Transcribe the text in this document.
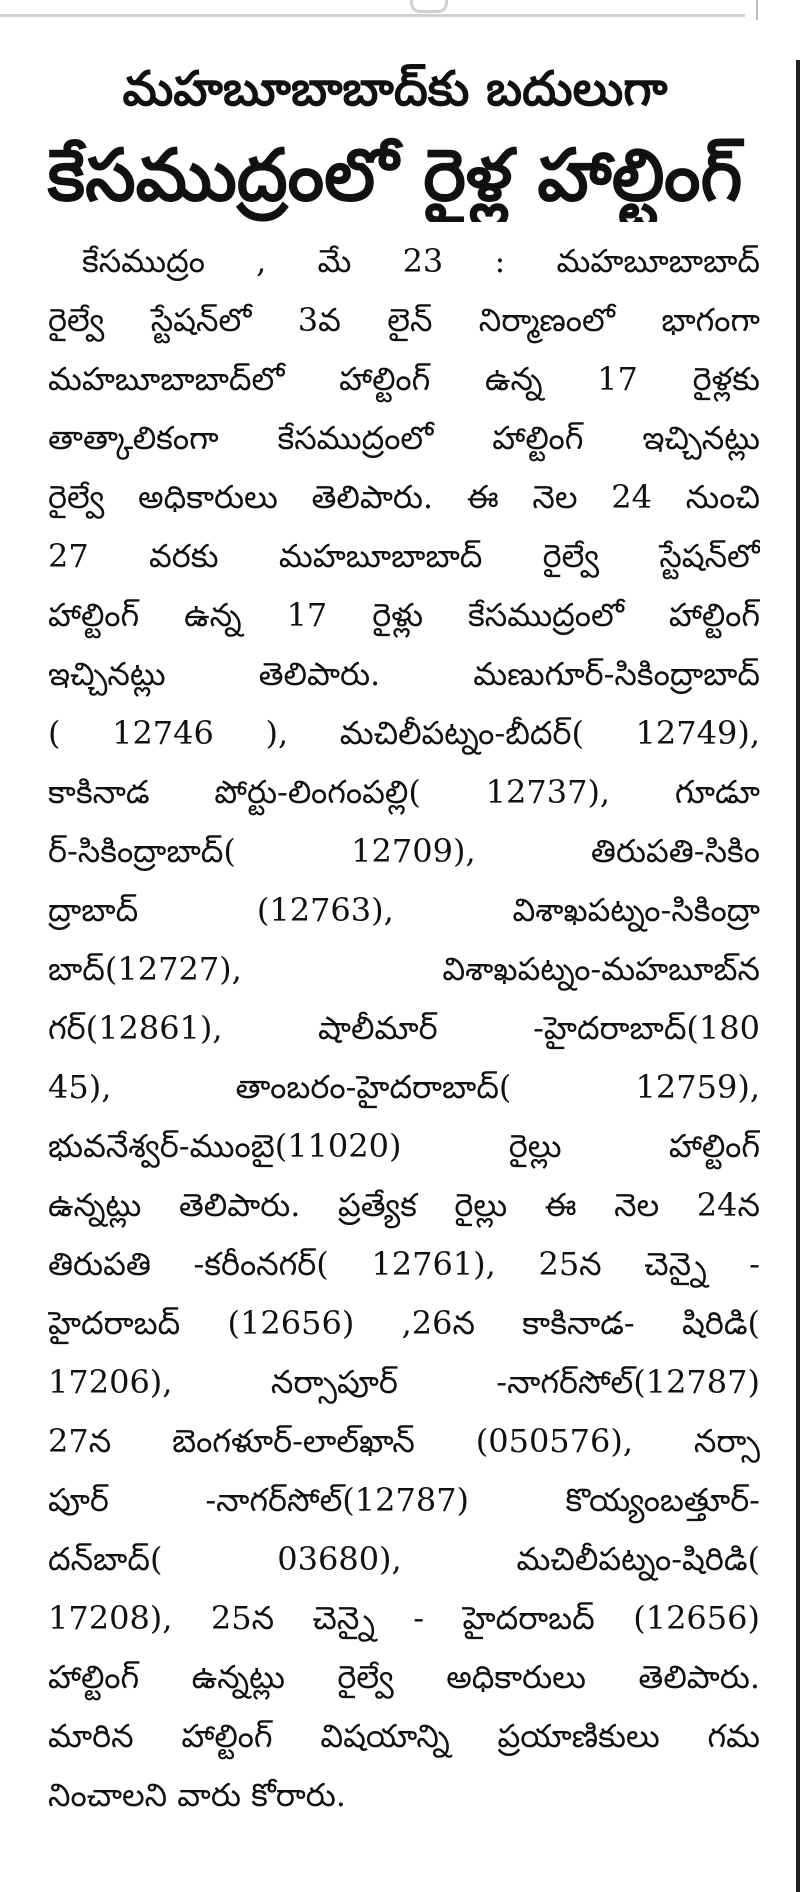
మహబూబాబాద్‌కు బదులుగా
కేసముద్రంలో రైళ్ల హాల్టింగ్
కేసముద్రం , మే 23 : మహబూబాబాద్
రైల్వే స్టేషన్‌లో 3వ లైన్ నిర్మాణంలో భాగంగా
మహబూబాబాద్‌లో హాల్టింగ్ ఉన్న 17 రైళ్లకు
తాత్కాలికంగా కేసముద్రంలో హాల్టింగ్ ఇచ్చినట్లు
రైల్వే అధికారులు తెలిపారు. ఈ నెల 24 నుంచి
27 వరకు మహబూబాబాద్ రైల్వే స్టేషన్‌లో
హాల్టింగ్ ఉన్న 17 రైళ్లు కేసముద్రంలో హాల్టింగ్
ఇచ్చినట్లు తెలిపారు. మణుగూర్-సికింద్రాబాద్
( 12746 ), మచిలీపట్నం-బీదర్( 12749),
కాకినాడ పోర్టు-లింగంపల్లి( 12737), గూడూ
ర్-సికింద్రాబాద్( 12709), తిరుపతి-సికిం
ద్రాబాద్ (12763), విశాఖపట్నం-సికింద్రా
బాద్(12727), విశాఖపట్నం-మహబూబ్‌న
గర్(12861), షాలీమార్ -హైదరాబాద్(180
45), తాంబరం-హైదరాబాద్( 12759),
భువనేశ్వర్-ముంబై(11020) రైల్లు హాల్టింగ్
ఉన్నట్లు తెలిపారు. ప్రత్యేక రైల్లు ఈ నెల 24న
తిరుపతి -కరీంనగర్( 12761), 25న చెన్నై -
హైదరాబద్ (12656) ,26న కాకినాడ- షిరిడి(
17206), నర్సాపూర్ -నాగర్‌సోల్(12787)
27న బెంగళూర్-లాల్‌ఖాన్ (050576), నర్సా
పూర్ -నాగర్‌సోల్(12787) కొయ్యంబత్తూర్-
దన్‌బాద్( 03680), మచిలీపట్నం-షిరిడి(
17208), 25న చెన్నై - హైదరాబద్ (12656)
హాల్టింగ్ ఉన్నట్లు రైల్వే అధికారులు తెలిపారు.
మారిన హాల్టింగ్ విషయాన్ని ప్రయాణికులు గమ
నించాలని వారు కోరారు.
